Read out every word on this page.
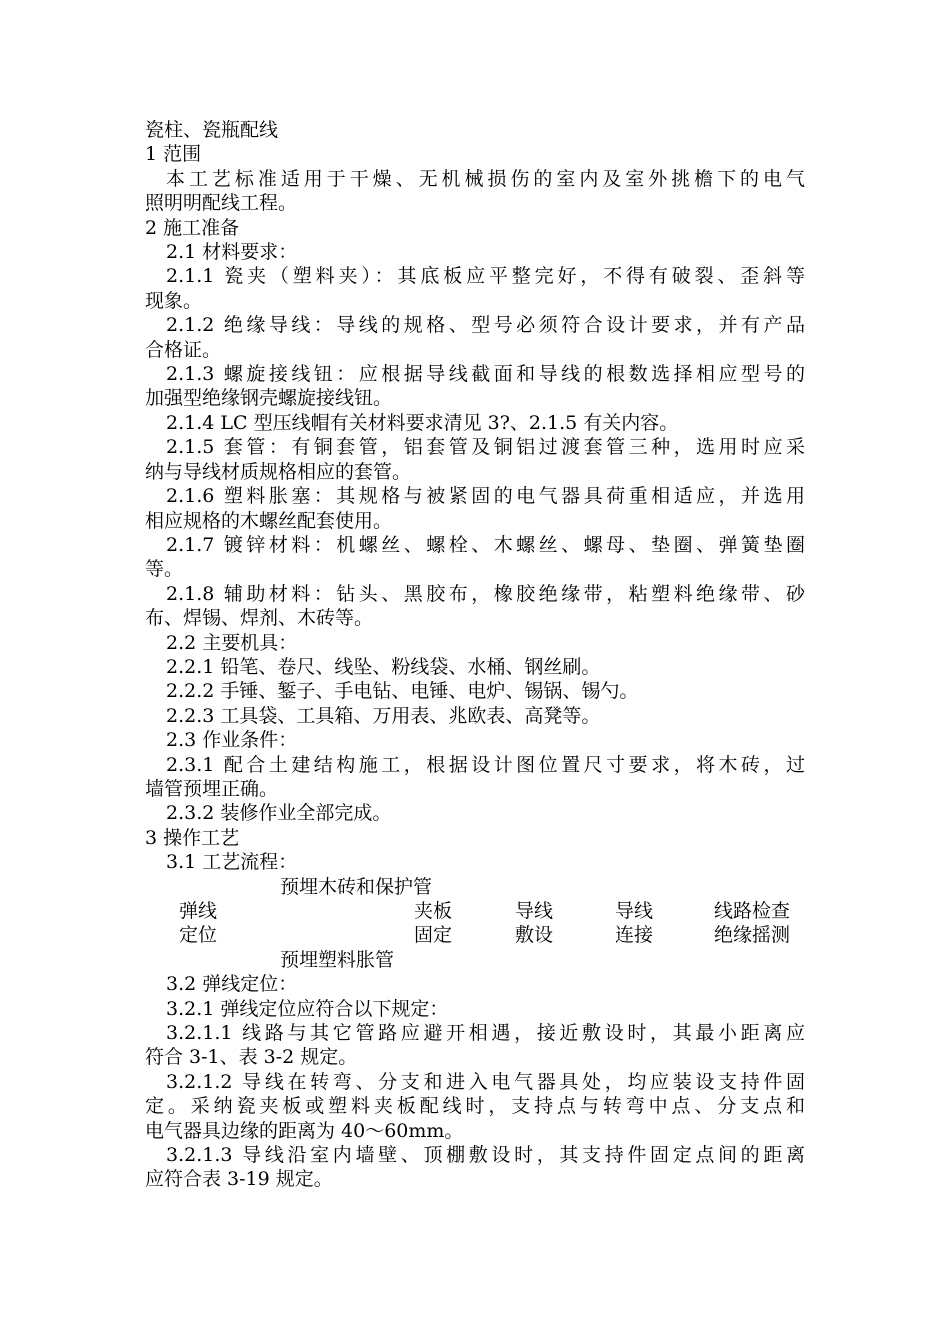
瓷柱、瓷瓶配线
1 范围
本工艺标准适用于干燥、无机械损伤的室内及室外挑檐下的电气
照明明配线工程。
2 施工准备
2.1 材料要求：
2.1.1 瓷夹（塑料夹）：其底板应平整完好，不得有破裂、歪斜等
现象。
2.1.2 绝缘导线：导线的规格、型号必须符合设计要求，并有产品
合格证。
2.1.3 螺旋接线钮：应根据导线截面和导线的根数选择相应型号的
加强型绝缘钢壳螺旋接线钮。
2.1.4 LC 型压线帽有关材料要求清见 3?、2.1.5 有关内容。
2.1.5 套管：有铜套管，铝套管及铜铝过渡套管三种，选用时应采
纳与导线材质规格相应的套管。
2.1.6 塑料胀塞：其规格与被紧固的电气器具荷重相适应，并选用
相应规格的木螺丝配套使用。
2.1.7 镀锌材料：机螺丝、螺栓、木螺丝、螺母、垫圈、弹簧垫圈
等。
2.1.8 辅助材料：钻头、黑胶布，橡胶绝缘带，粘塑料绝缘带、砂
布、焊锡、焊剂、木砖等。
2.2 主要机具：
2.2.1 铅笔、卷尺、线坠、粉线袋、水桶、钢丝刷。
2.2.2 手锤、錾子、手电钻、电锤、电炉、锡锅、锡勺。
2.2.3 工具袋、工具箱、万用表、兆欧表、高凳等。
2.3 作业条件：
2.3.1 配合土建结构施工，根据设计图位置尺寸要求，将木砖，过
墙管预埋正确。
2.3.2 装修作业全部完成。
3 操作工艺
3.1 工艺流程：
预埋木砖和保护管
弹线
定位
夹板
固定
导线
敷设
导线
连接
线路检查
绝缘摇测
预埋塑料胀管
3.2 弹线定位：
3.2.1 弹线定位应符合以下规定：
3.2.1.1 线路与其它管路应避开相遇，接近敷设时，其最小距离应
符合 3-1、表 3-2 规定。
3.2.1.2 导线在转弯、分支和进入电气器具处，均应装设支持件固
定。采纳瓷夹板或塑料夹板配线时，支持点与转弯中点、分支点和
电气器具边缘的距离为 40～60mm。
3.2.1.3 导线沿室内墙壁、顶棚敷设时，其支持件固定点间的距离
应符合表 3-19 规定。
